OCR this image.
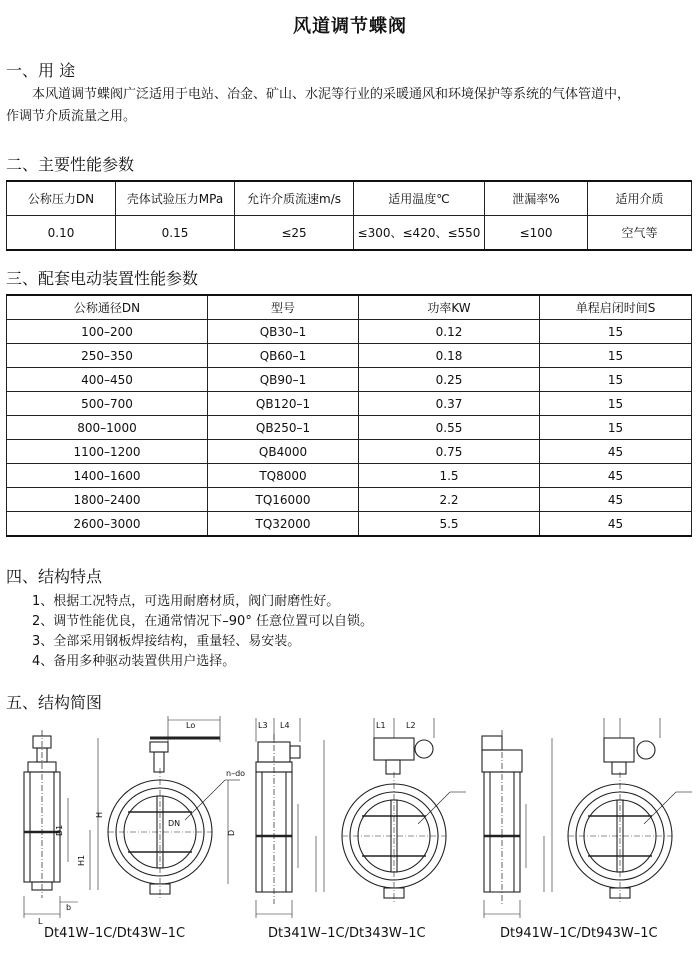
风道调节蝶阀
一、用 途
本风道调节蝶阀广泛适用于电站、冶金、矿山、水泥等行业的采暖通风和环境保护等系统的气体管道中，
作调节介质流量之用。
二、主要性能参数
公称压力DN	壳体试验压力MPa	允许介质流速m/s	适用温度℃	泄漏率%	适用介质
0.10	0.15	≤25	≤300、≤420、≤550	≤100	空气等
三、配套电动装置性能参数
公称通径DN	型号	功率KW	单程启闭时间S
100–200	QB30–1	0.12	15
250–350	QB60–1	0.18	15
400–450	QB90–1	0.25	15
500–700	QB120–1	0.37	15
800–1000	QB250–1	0.55	15
1100–1200	QB4000	0.75	45
1400–1600	TQ8000	1.5	45
1800–2400	TQ16000	2.2	45
2600–3000	TQ32000	5.5	45
四、结构特点
1、根据工况特点，可选用耐磨材质，阀门耐磨性好。
2、调节性能优良，在通常情况下–90° 任意位置可以自锁。
3、全部采用钢板焊接结构，重量轻、易安装。
4、备用多种驱动装置供用户选择。
五、结构简图
D1
H1
H
L
b
Lo
n–do
DN
D
L3 L4	L1	L2
Dt41W–1C/Dt43W–1C	Dt341W–1C/Dt343W–1C	Dt941W–1C/Dt943W–1C
